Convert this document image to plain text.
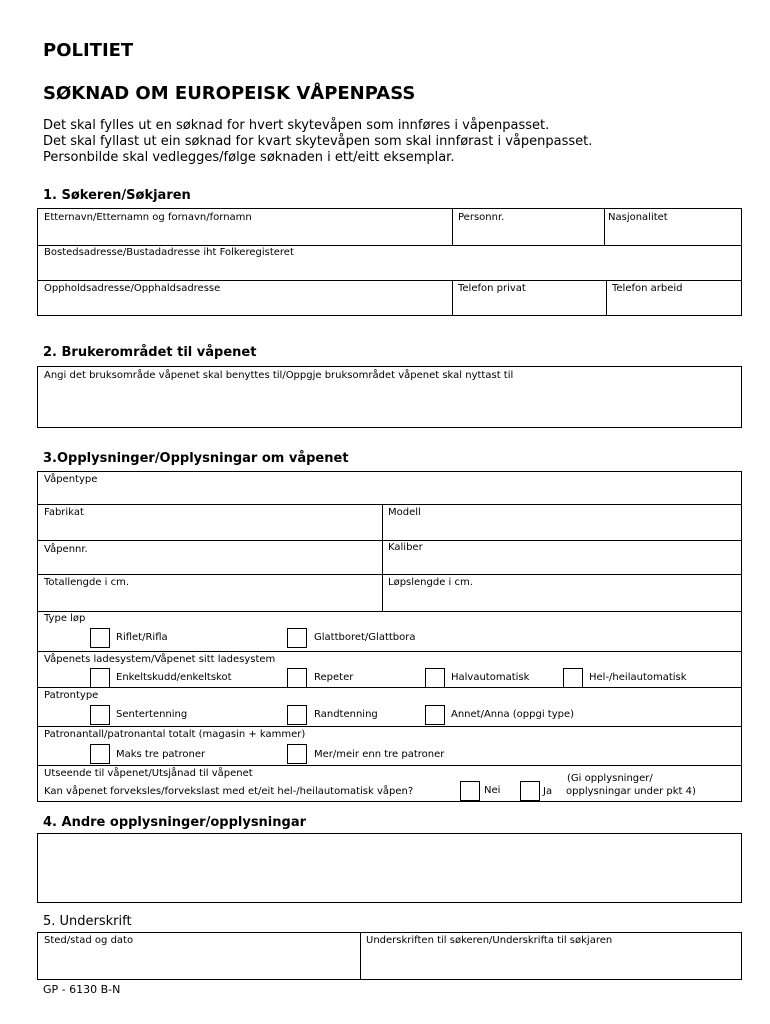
POLITIET
SØKNAD OM EUROPEISK VÅPENPASS
Det skal fylles ut en søknad for hvert skytevåpen som innføres i våpenpasset.
Det skal fyllast ut ein søknad for kvart skytevåpen som skal innførast i våpenpasset.
Personbilde skal vedlegges/følge søknaden i ett/eitt eksemplar.
1. Søkeren/Søkjaren
Etternavn/Etternamn og fornavn/fornamn	Personnr.	Nasjonalitet
Bostedsadresse/Bustadadresse iht Folkeregisteret
Oppholdsadresse/Opphaldsadresse	Telefon privat	Telefon arbeid
2. Brukerområdet til våpenet
Angi det bruksområde våpenet skal benyttes til/Oppgje bruksområdet våpenet skal nyttast til
3.Opplysninger/Opplysningar om våpenet
Våpentype
Fabrikat	Modell
Våpennr.	Kaliber
Totallengde i cm.	Løpslengde i cm.
Type løp
Riflet/Rifla	Glattboret/Glattbora
Våpenets ladesystem/Våpenet sitt ladesystem
Enkeltskudd/enkeltskot	Repeter	Halvautomatisk	Hel-/heilautomatisk
Patrontype
Sentertenning	Randtenning	Annet/Anna (oppgi type)
Patronantall/patronantal totalt (magasin + kammer)
Maks tre patroner	Mer/meir enn tre patroner
Utseende til våpenet/Utsjånad til våpenet
Kan våpenet forveksles/forvekslast med et/eit hel-/heilautomatisk våpen?	Nei	Ja
(Gi opplysninger/
opplysningar under pkt 4)
4. Andre opplysninger/opplysningar
5. Underskrift
Sted/stad og dato	Underskriften til søkeren/Underskrifta til søkjaren
GP - 6130 B-N
